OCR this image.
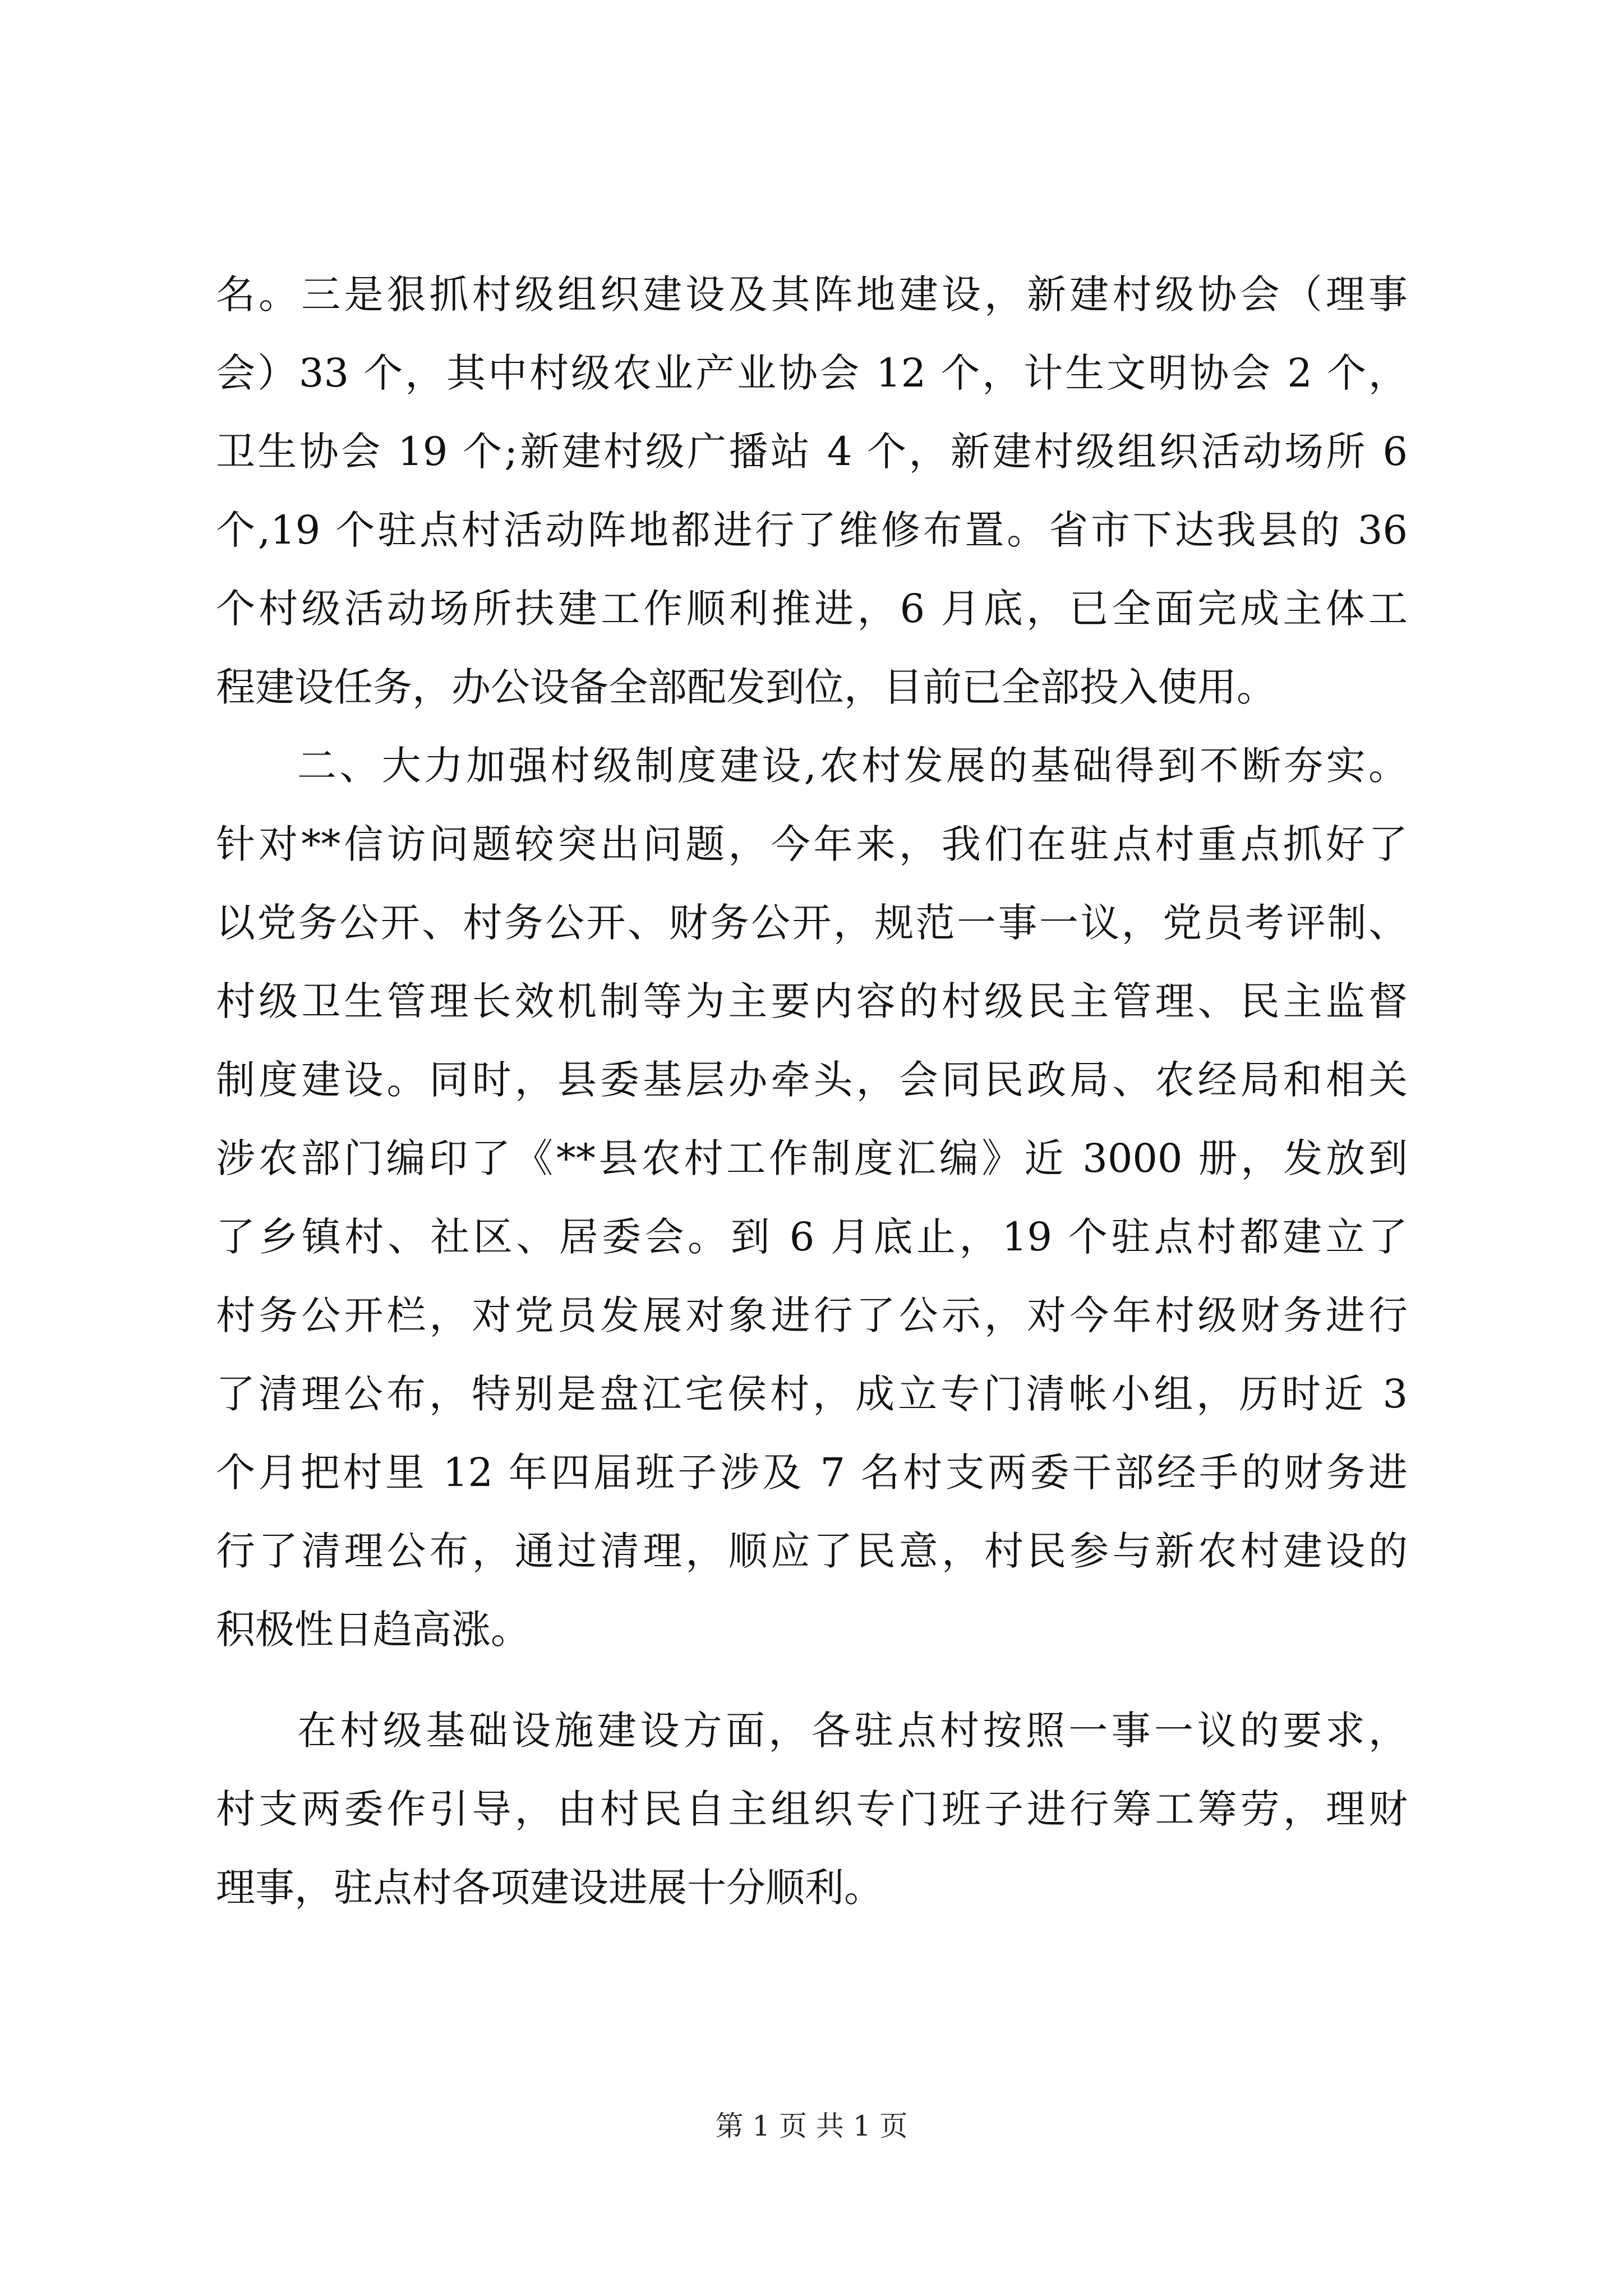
名。三是狠抓村级组织建设及其阵地建设，新建村级协会（理事
会）33 个，其中村级农业产业协会 12 个，计生文明协会 2 个，
卫生协会 19 个;新建村级广播站 4 个，新建村级组织活动场所 6
个,19 个驻点村活动阵地都进行了维修布置。省市下达我县的 36
个村级活动场所扶建工作顺利推进，6 月底，已全面完成主体工
程建设任务，办公设备全部配发到位，目前已全部投入使用。
二、大力加强村级制度建设,农村发展的基础得到不断夯实。
针对**信访问题较突出问题，今年来，我们在驻点村重点抓好了
以党务公开、村务公开、财务公开，规范一事一议，党员考评制、
村级卫生管理长效机制等为主要内容的村级民主管理、民主监督
制度建设。同时，县委基层办牵头，会同民政局、农经局和相关
涉农部门编印了《**县农村工作制度汇编》近 3000 册，发放到
了乡镇村、社区、居委会。到 6 月底止，19 个驻点村都建立了
村务公开栏，对党员发展对象进行了公示，对今年村级财务进行
了清理公布，特别是盘江宅侯村，成立专门清帐小组，历时近 3
个月把村里 12 年四届班子涉及 7 名村支两委干部经手的财务进
行了清理公布，通过清理，顺应了民意，村民参与新农村建设的
积极性日趋高涨。
在村级基础设施建设方面，各驻点村按照一事一议的要求，
村支两委作引导，由村民自主组织专门班子进行筹工筹劳，理财
理事，驻点村各项建设进展十分顺利。
第 1 页 共 1 页
